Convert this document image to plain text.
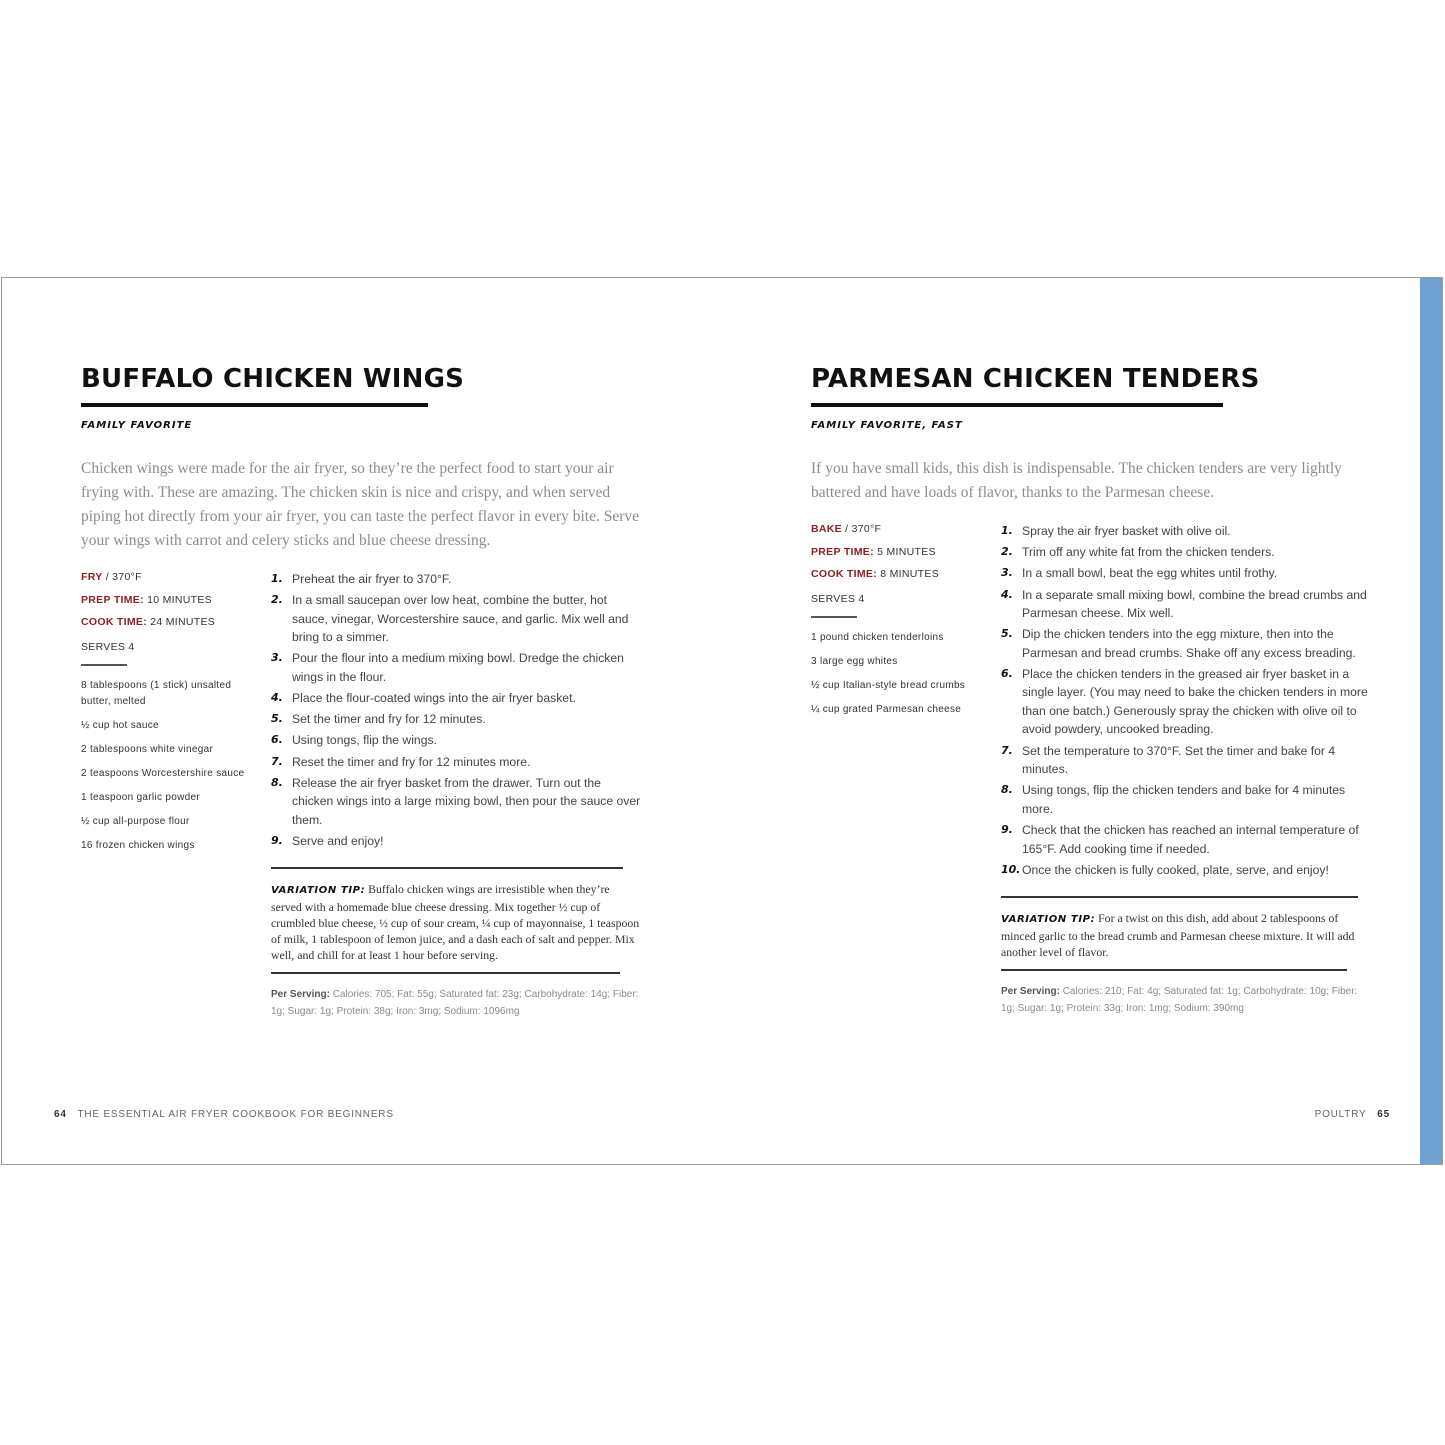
BUFFALO CHICKEN WINGS

FAMILY FAVORITE

Chicken wings were made for the air fryer, so they’re the perfect food to start your air frying with. These are amazing. The chicken skin is nice and crispy, and when served piping hot directly from your air fryer, you can taste the perfect flavor in every bite. Serve your wings with carrot and celery sticks and blue cheese dressing.

FRY / 370°F
PREP TIME: 10 MINUTES
COOK TIME: 24 MINUTES
SERVES 4
8 tablespoons (1 stick) unsalted butter, melted
½ cup hot sauce
2 tablespoons white vinegar
2 teaspoons Worcestershire sauce
1 teaspoon garlic powder
½ cup all-purpose flour
16 frozen chicken wings
1. Preheat the air fryer to 370°F.
2. In a small saucepan over low heat, combine the butter, hot sauce, vinegar, Worcestershire sauce, and garlic. Mix well and bring to a simmer.
3. Pour the flour into a medium mixing bowl. Dredge the chicken wings in the flour.
4. Place the flour-coated wings into the air fryer basket.
5. Set the timer and fry for 12 minutes.
6. Using tongs, flip the wings.
7. Reset the timer and fry for 12 minutes more.
8. Release the air fryer basket from the drawer. Turn out the chicken wings into a large mixing bowl, then pour the sauce over them.
9. Serve and enjoy!

VARIATION TIP: Buffalo chicken wings are irresistible when they’re served with a homemade blue cheese dressing. Mix together ½ cup of crumbled blue cheese, ½ cup of sour cream, ¼ cup of mayonnaise, 1 teaspoon of milk, 1 tablespoon of lemon juice, and a dash each of salt and pepper. Mix well, and chill for at least 1 hour before serving.

Per Serving: Calories: 705; Fat: 55g; Saturated fat: 23g; Carbohydrate: 14g; Fiber: 1g; Sugar: 1g; Protein: 38g; Iron: 3mg; Sodium: 1096mg

PARMESAN CHICKEN TENDERS

FAMILY FAVORITE, FAST

If you have small kids, this dish is indispensable. The chicken tenders are very lightly battered and have loads of flavor, thanks to the Parmesan cheese.

BAKE / 370°F
PREP TIME: 5 MINUTES
COOK TIME: 8 MINUTES
SERVES 4
1 pound chicken tenderloins
3 large egg whites
½ cup Italian-style bread crumbs
¼ cup grated Parmesan cheese
1. Spray the air fryer basket with olive oil.
2. Trim off any white fat from the chicken tenders.
3. In a small bowl, beat the egg whites until frothy.
4. In a separate small mixing bowl, combine the bread crumbs and Parmesan cheese. Mix well.
5. Dip the chicken tenders into the egg mixture, then into the Parmesan and bread crumbs. Shake off any excess breading.
6. Place the chicken tenders in the greased air fryer basket in a single layer. (You may need to bake the chicken tenders in more than one batch.) Generously spray the chicken with olive oil to avoid powdery, uncooked breading.
7. Set the temperature to 370°F. Set the timer and bake for 4 minutes.
8. Using tongs, flip the chicken tenders and bake for 4 minutes more.
9. Check that the chicken has reached an internal temperature of 165°F. Add cooking time if needed.
10. Once the chicken is fully cooked, plate, serve, and enjoy!

VARIATION TIP: For a twist on this dish, add about 2 tablespoons of minced garlic to the bread crumb and Parmesan cheese mixture. It will add another level of flavor.

Per Serving: Calories: 210; Fat: 4g; Saturated fat: 1g; Carbohydrate: 10g; Fiber: 1g; Sugar: 1g; Protein: 33g; Iron: 1mg; Sodium: 390mg

64 THE ESSENTIAL AIR FRYER COOKBOOK FOR BEGINNERS	POULTRY 65
